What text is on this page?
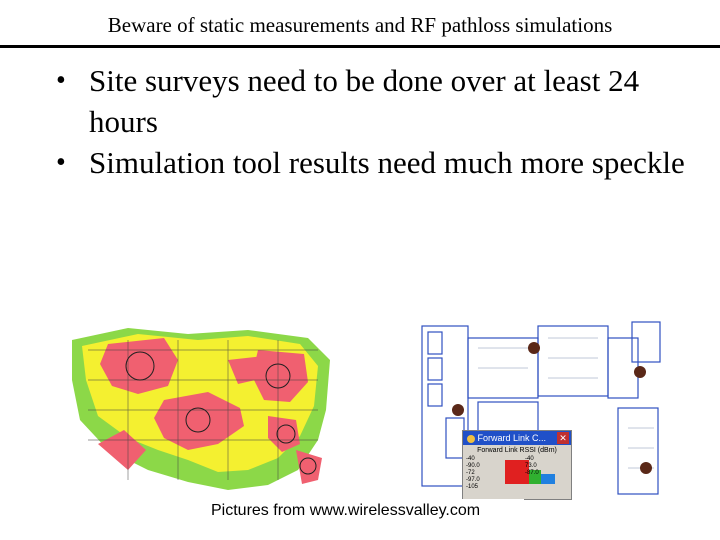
Beware of static measurements and RF pathloss simulations
• Site surveys need to be done over at least 24 hours
• Simulation tool results need much more speckle
Forward Link C... ✕
Forward Link RSSI (dBm)
-40
-90.0
-72
-97.0
-105
-40
73.0
-87.0
Pictures from www.wirelessvalley.com
